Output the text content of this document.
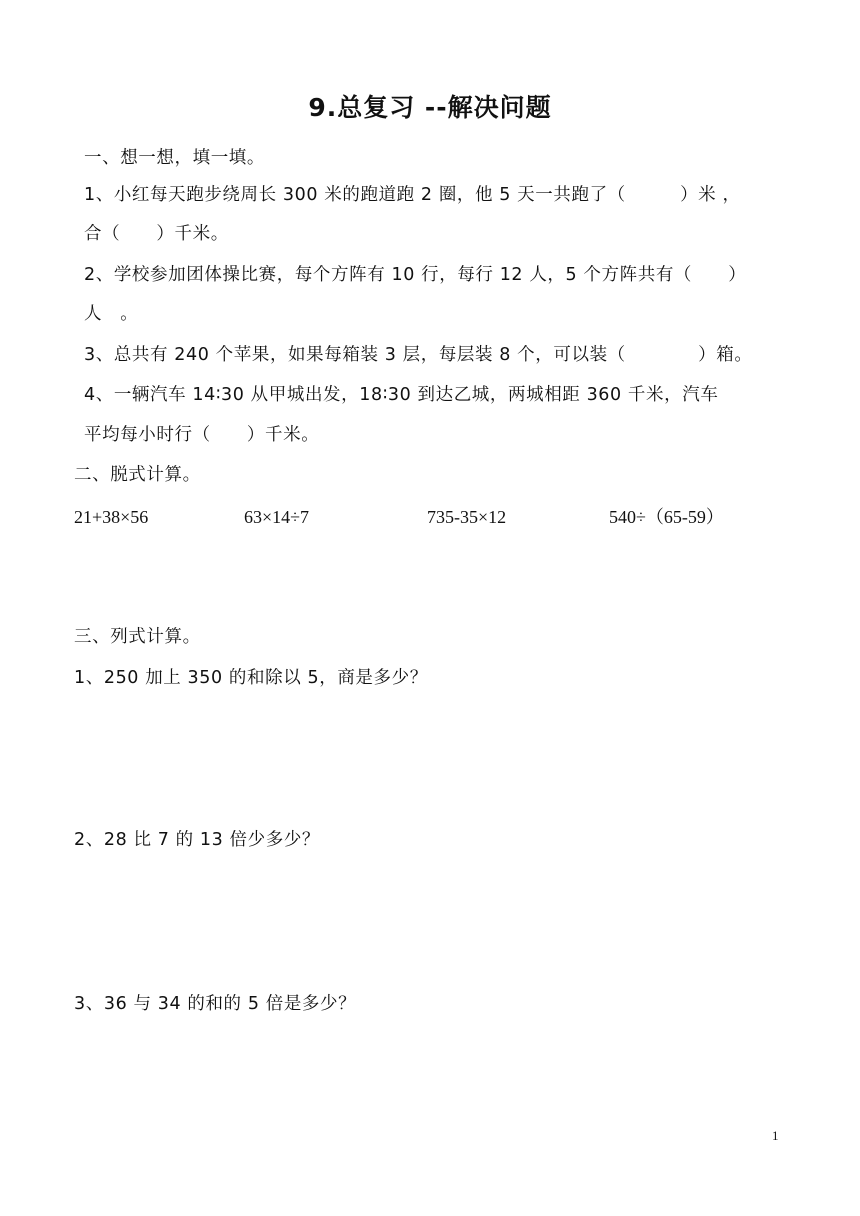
9.总复习 --解决问题
一、想一想，填一填。
1、小红每天跑步绕周长 300 米的跑道跑 2 圈，他 5 天一共跑了（　　　）米 ，
合（　　）千米。
2、学校参加团体操比赛，每个方阵有 10 行，每行 12 人，5 个方阵共有（　　）
人　。
3、总共有 240 个苹果，如果每箱装 3 层，每层装 8 个，可以装（　　　　）箱。
4、一辆汽车 14∶30 从甲城出发，18∶30 到达乙城，两城相距 360 千米，汽车
平均每小时行（　　）千米。
二、脱式计算。
21+38×56	63×14÷7	735-35×12	540÷（65-59）
三、列式计算。
1、250 加上 350 的和除以 5，商是多少？
2、28 比 7 的 13 倍少多少？
3、36 与 34 的和的 5 倍是多少？
1
